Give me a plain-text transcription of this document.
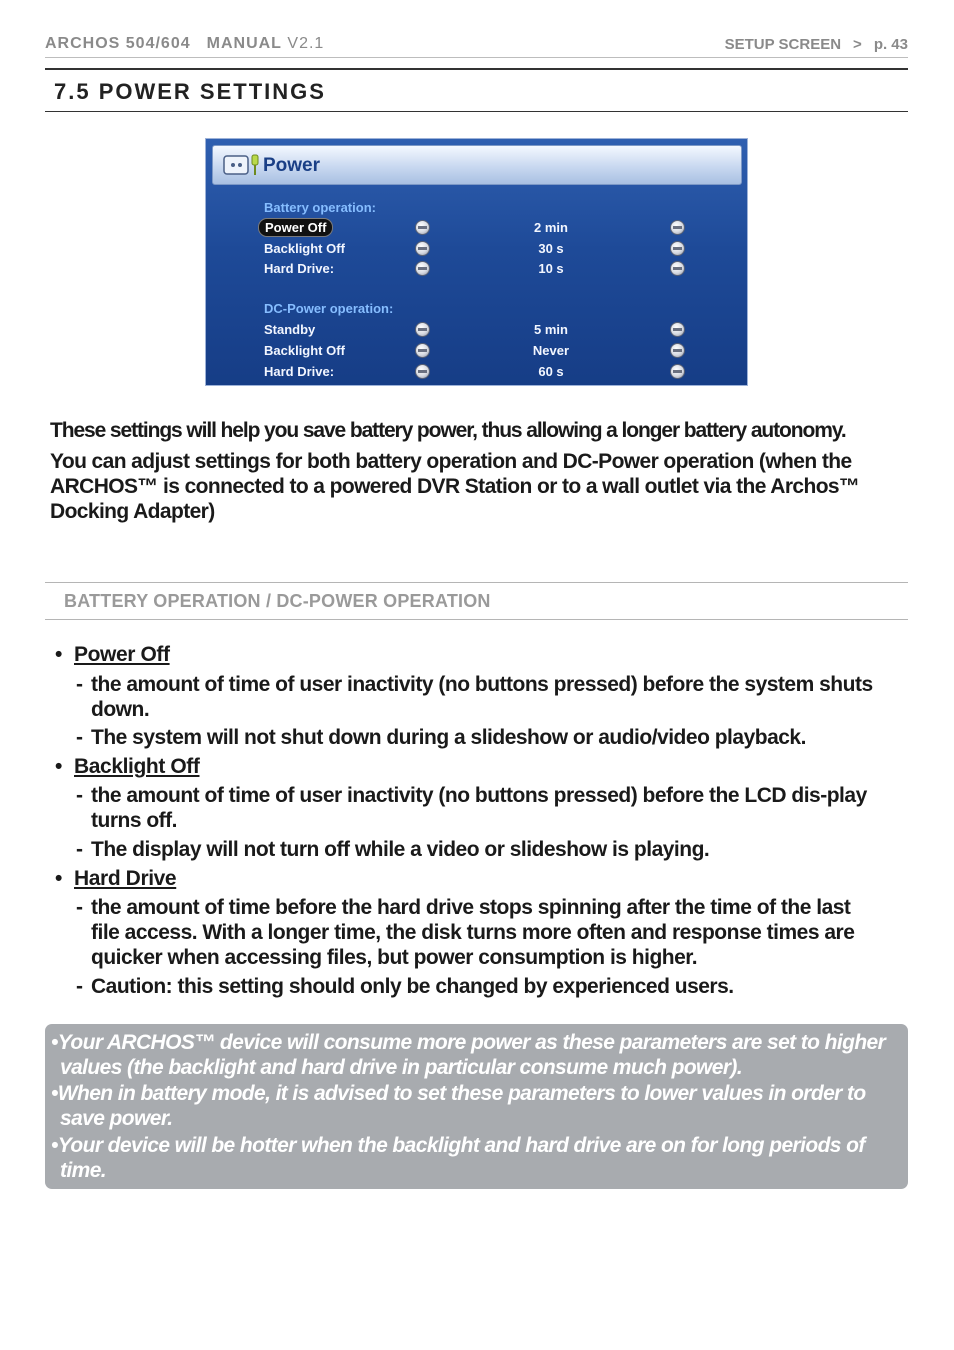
ARCHOS 504/604 MANUAL V2.1	SETUP SCREEN > p. 43
7.5 POWER SETTINGS
Power
Battery operation:
Power Off	2 min
Backlight Off	30 s
Hard Drive:	10 s
DC-Power operation:
Standby	5 min
Backlight Off	Never
Hard Drive:	60 s
These settings will help you save battery power, thus allowing a longer battery autonomy.
You can adjust settings for both battery operation and DC-Power operation (when the ARCHOS™ is connected to a powered DVR Station or to a wall outlet via the Archos™ Docking Adapter)
BATTERY OPERATION / DC-POWER OPERATION
• Power Off
- the amount of time of user inactivity (no buttons pressed) before the system shuts down.
- The system will not shut down during a slideshow or audio/video playback.
• Backlight Off
- the amount of time of user inactivity (no buttons pressed) before the LCD dis-play turns off.
- The display will not turn off while a video or slideshow is playing.
• Hard Drive
- the amount of time before the hard drive stops spinning after the time of the last file access. With a longer time, the disk turns more often and response times are quicker when accessing files, but power consumption is higher.
- Caution: this setting should only be changed by experienced users.

•Your ARCHOS™ device will consume more power as these parameters are set to higher values (the backlight and hard drive in particular consume much power).

•When in battery mode, it is advised to set these parameters to lower values in order to save power.

•Your device will be hotter when the backlight and hard drive are on for long periods of time.
